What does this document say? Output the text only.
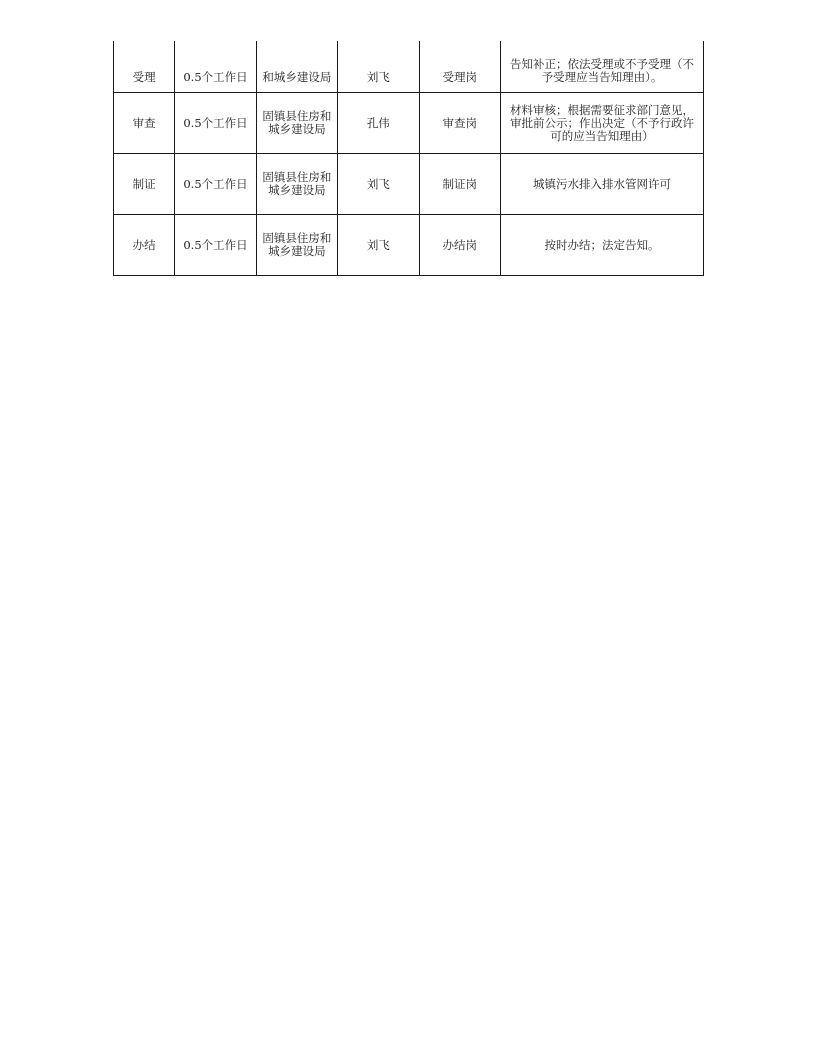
受理	0.5个工作日	和城乡建设局	刘飞	受理岗	告知补正；依法受理或不予受理（不予受理应当告知理由）。
审查	0.5个工作日	固镇县住房和城乡建设局	孔伟	审查岗	材料审核；根据需要征求部门意见，审批前公示；作出决定（不予行政许可的应当告知理由）
制证	0.5个工作日	固镇县住房和城乡建设局	刘飞	制证岗	城镇污水排入排水管网许可
办结	0.5个工作日	固镇县住房和城乡建设局	刘飞	办结岗	按时办结；法定告知。
